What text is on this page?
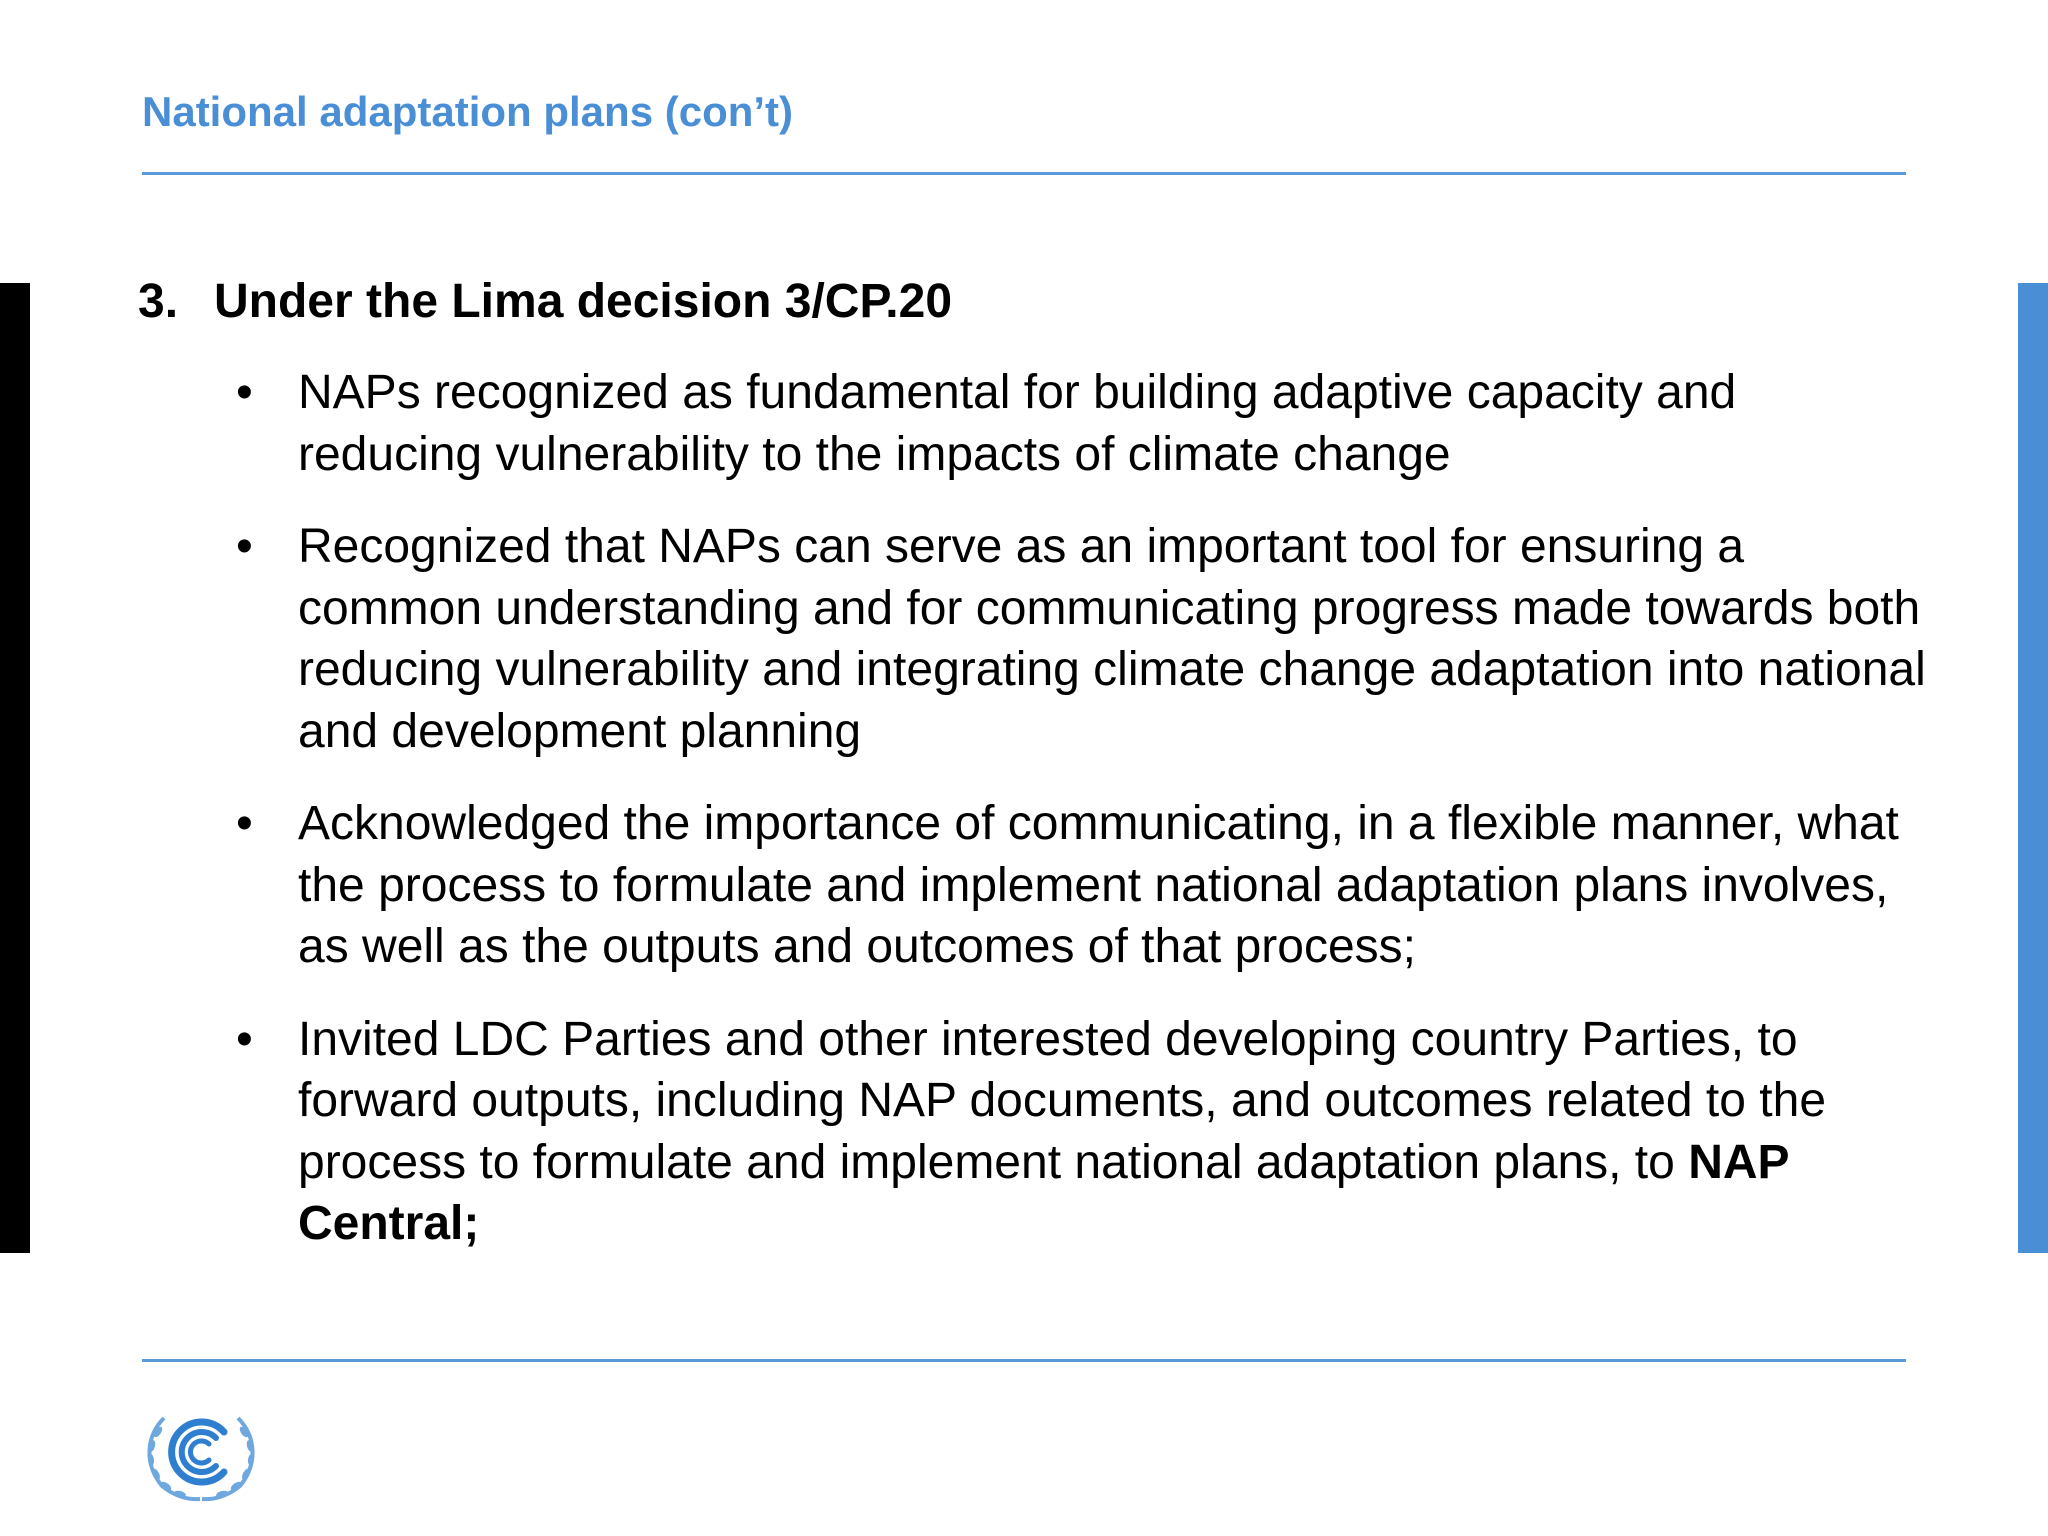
National adaptation plans (con’t)
3. Under the Lima decision 3/CP.20
• NAPs recognized as fundamental for building adaptive capacity and reducing vulnerability to the impacts of climate change
• Recognized that NAPs can serve as an important tool for ensuring a common understanding and for communicating progress made towards both reducing vulnerability and integrating climate change adaptation into national and development planning
• Acknowledged the importance of communicating, in a flexible manner, what the process to formulate and implement national adaptation plans involves, as well as the outputs and outcomes of that process;
• Invited LDC Parties and other interested developing country Parties, to forward outputs, including NAP documents, and outcomes related to the process to formulate and implement national adaptation plans, to NAP Central;
